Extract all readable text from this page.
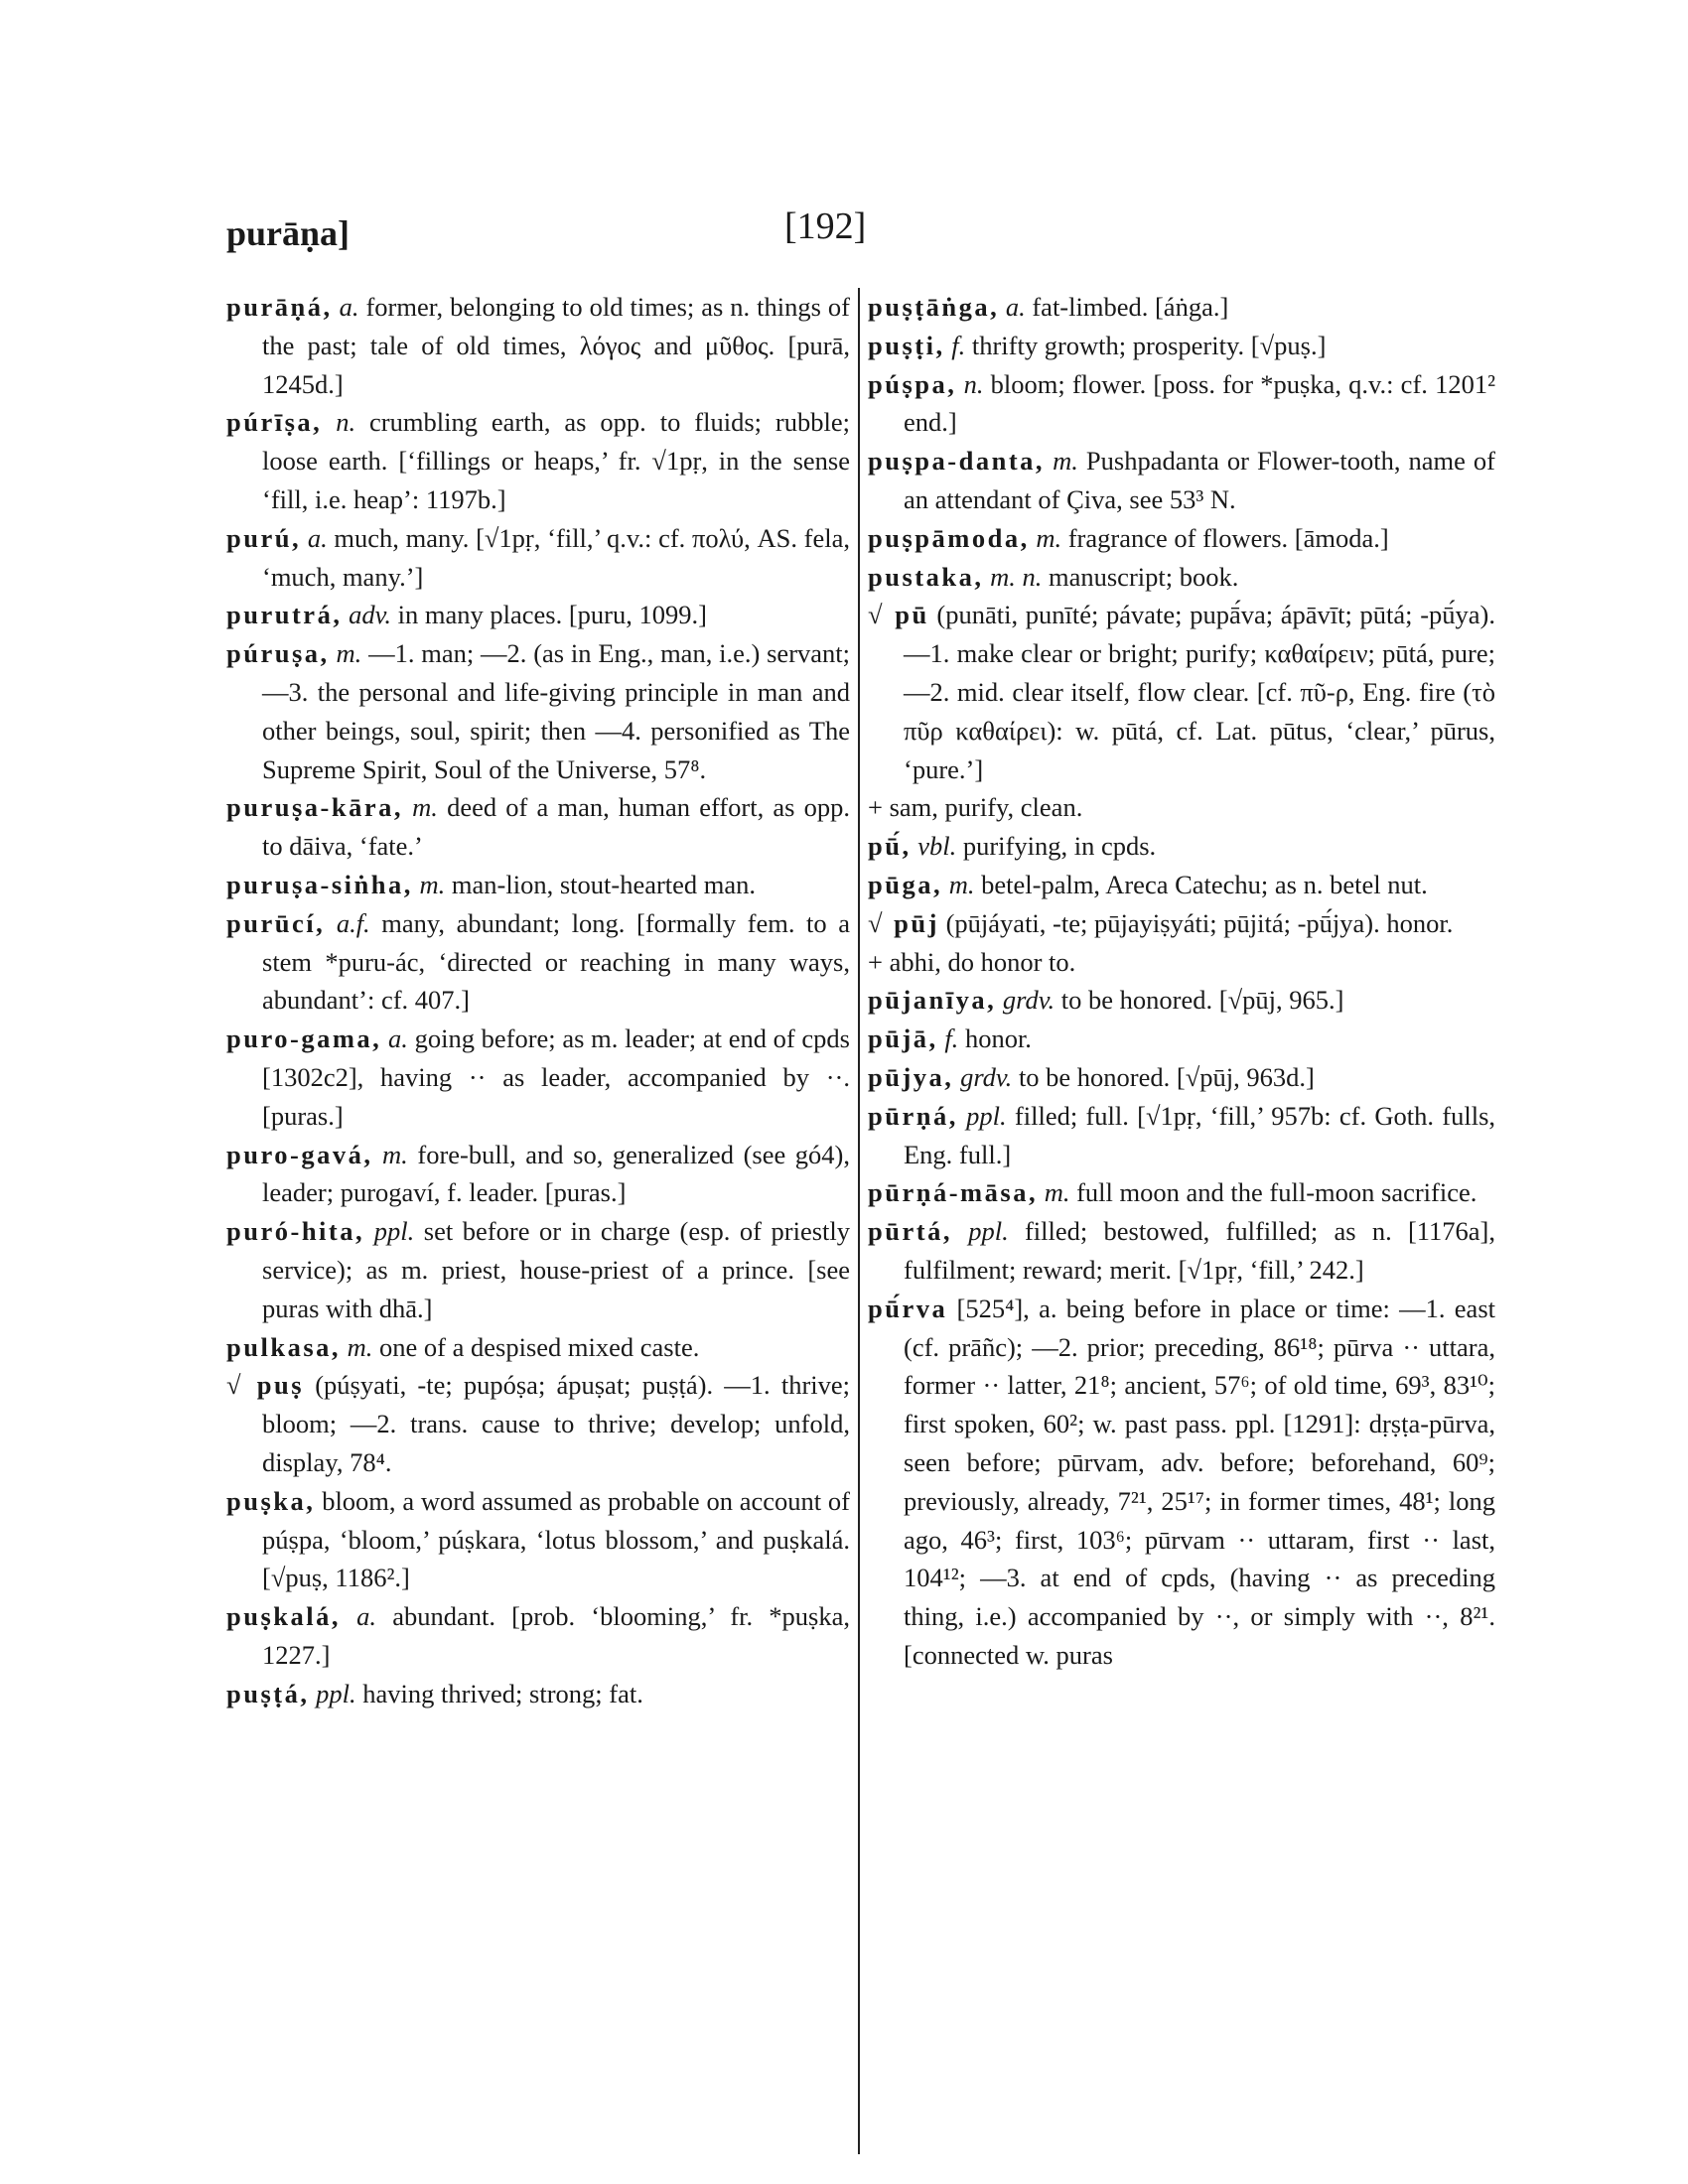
purāṇa]	[192]

purāṇá, a. former, belonging to old times; as n. things of the past; tale of old times, λόγος and μῦθος. [purā, 1245d.]

púrīṣa, n. crumbling earth, as opp. to fluids; rubble; loose earth. [‘fillings or heaps,’ fr. √1pṛ, in the sense ‘fill, i.e. heap’: 1197b.]

purú, a. much, many. [√1pṛ, ‘fill,’ q.v.: cf. πολύ, AS. fela, ‘much, many.’]

purutrá, adv. in many places. [puru, 1099.]

púruṣa, m. —1. man; —2. (as in Eng., man, i.e.) servant; —3. the personal and life-giving principle in man and other beings, soul, spirit; then —4. personified as The Supreme Spirit, Soul of the Universe, 57⁸.

puruṣa-kāra, m. deed of a man, human effort, as opp. to dāiva, ‘fate.’

puruṣa-siṅha, m. man-lion, stout-hearted man.

purūcí, a.f. many, abundant; long. [formally fem. to a stem *puru-ác, ‘directed or reaching in many ways, abundant’: cf. 407.]

puro-gama, a. going before; as m. leader; at end of cpds [1302c2], having ·· as leader, accompanied by ··. [puras.]

puro-gavá, m. fore-bull, and so, generalized (see gó4), leader; purogaví, f. leader. [puras.]

puró-hita, ppl. set before or in charge (esp. of priestly service); as m. priest, house-priest of a prince. [see puras with dhā.]

pulkasa, m. one of a despised mixed caste.

√ puṣ (púṣyati, -te; pupóṣa; ápuṣat; puṣṭá). —1. thrive; bloom; —2. trans. cause to thrive; develop; unfold, display, 78⁴.

puṣka, bloom, a word assumed as probable on account of púṣpa, ‘bloom,’ púṣkara, ‘lotus blossom,’ and puṣkalá. [√puṣ, 1186².]

puṣkalá, a. abundant. [prob. ‘blooming,’ fr. *puṣka, 1227.]

puṣṭá, ppl. having thrived; strong; fat.

puṣṭāṅga, a. fat-limbed. [áṅga.]

puṣṭi, f. thrifty growth; prosperity. [√puṣ.]

púṣpa, n. bloom; flower. [poss. for *puṣka, q.v.: cf. 1201² end.]

puṣpa-danta, m. Pushpadanta or Flower-tooth, name of an attendant of Çiva, see 53³ N.

puṣpāmoda, m. fragrance of flowers. [āmoda.]

pustaka, m. n. manuscript; book.

√ pū (punāti, punīté; pávate; pupā́va; ápāvīt; pūtá; -pū́ya). —1. make clear or bright; purify; καθαίρειν; pūtá, pure; —2. mid. clear itself, flow clear. [cf. πῦ-ρ, Eng. fire (τὸ πῦρ καθαίρει): w. pūtá, cf. Lat. pūtus, ‘clear,’ pūrus, ‘pure.’]

+ sam, purify, clean.

pū́, vbl. purifying, in cpds.

pūga, m. betel-palm, Areca Catechu; as n. betel nut.

√ pūj (pūjáyati, -te; pūjayiṣyáti; pūjitá; -pū́jya). honor.

+ abhi, do honor to.

pūjanīya, grdv. to be honored. [√pūj, 965.]

pūjā, f. honor.

pūjya, grdv. to be honored. [√pūj, 963d.]

pūrṇá, ppl. filled; full. [√1pṛ, ‘fill,’ 957b: cf. Goth. fulls, Eng. full.]

pūrṇá-māsa, m. full moon and the full-moon sacrifice.

pūrtá, ppl. filled; bestowed, fulfilled; as n. [1176a], fulfilment; reward; merit. [√1pṛ, ‘fill,’ 242.]

pū́rva [525⁴], a. being before in place or time: —1. east (cf. prāñc); —2. prior; preceding, 86¹⁸; pūrva ·· uttara, former ·· latter, 21⁸; ancient, 57⁶; of old time, 69³, 83¹⁰; first spoken, 60²; w. past pass. ppl. [1291]: dṛṣṭa-pūrva, seen before; pūrvam, adv. before; beforehand, 60⁹; previously, already, 7²¹, 25¹⁷; in former times, 48¹; long ago, 46³; first, 103⁶; pūrvam ·· uttaram, first ·· last, 104¹²; —3. at end of cpds, (having ·· as preceding thing, i.e.) accompanied by ··, or simply with ··, 8²¹. [connected w. puras
